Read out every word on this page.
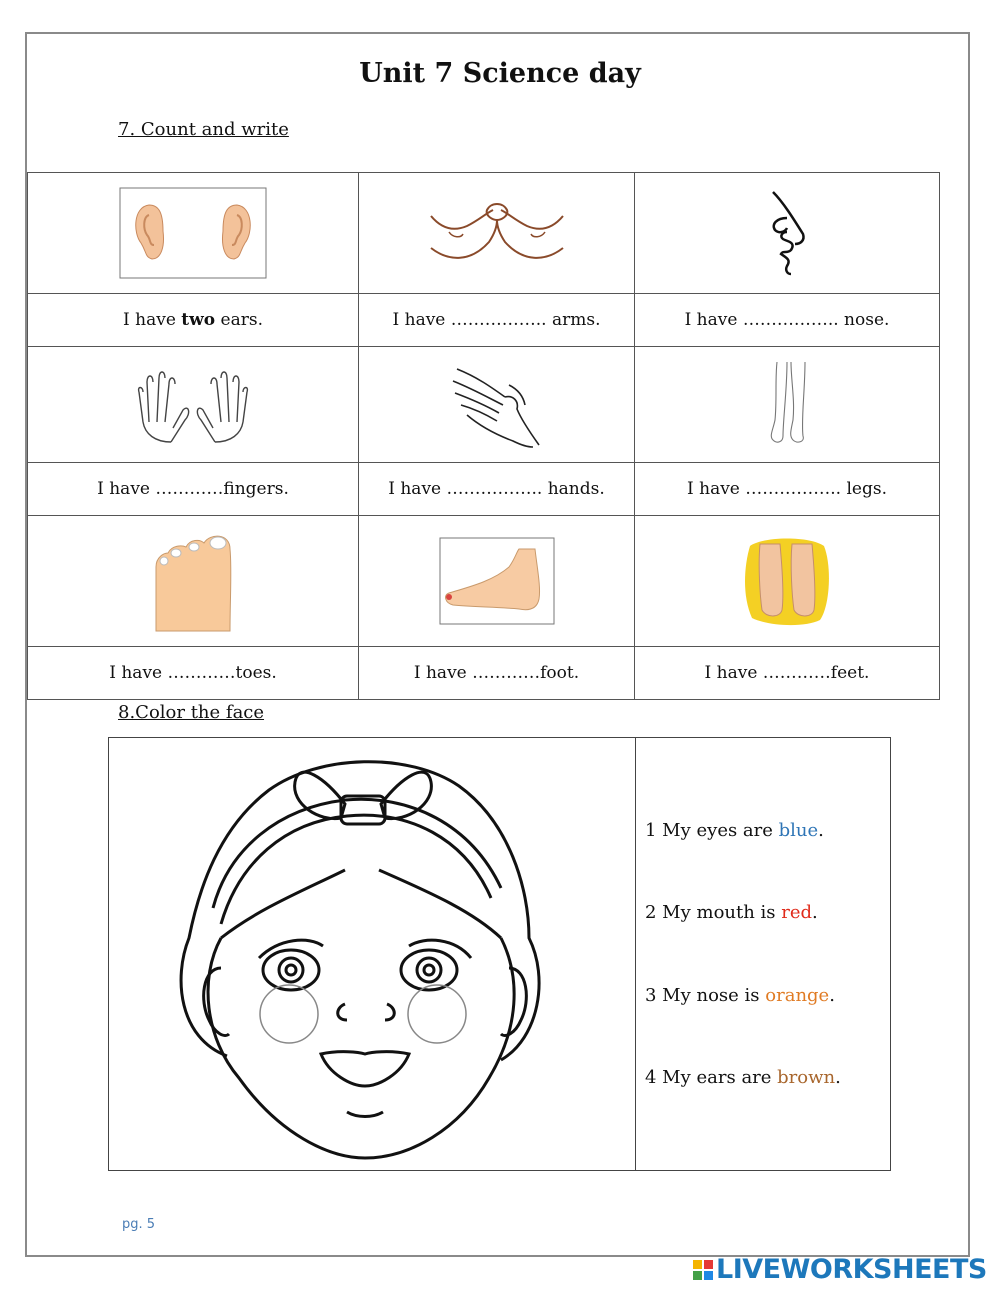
Unit 7 Science day
7. Count and write

I have two ears.	I have …………….. arms.	I have …………….. nose.

I have …………fingers.	I have …………….. hands.	I have …………….. legs.

I have …………toes.	I have …………foot.	I have …………feet.
8.Color the face
1 My eyes are blue.
2 My mouth is red.
3 My nose is orange.
4 My ears are brown.
pg. 5
LIVEWORKSHEETS
